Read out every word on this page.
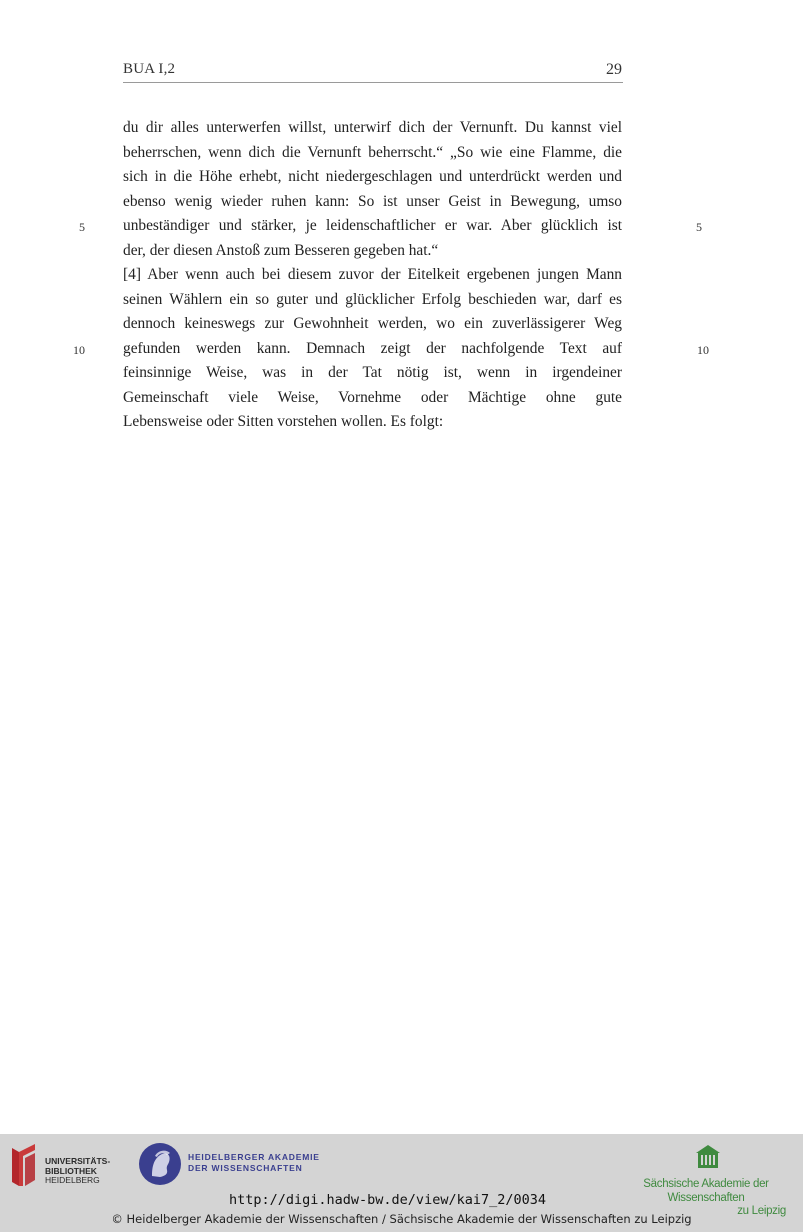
BUA I,2	29
du dir alles unterwerfen willst, unterwirf dich der Vernunft. Du kannst viel
beherrschen, wenn dich die Vernunft beherrscht.“ „So wie eine Flamme, die
sich in die Höhe erhebt, nicht niedergeschlagen und unterdrückt werden und
ebenso wenig wieder ruhen kann: So ist unser Geist in Bewegung, umso
unbeständiger und stärker, je leidenschaftlicher er war. Aber glücklich ist
der, der diesen Anstoß zum Besseren gegeben hat.“
[4] Aber wenn auch bei diesem zuvor der Eitelkeit ergebenen jungen Mann
seinen Wählern ein so guter und glücklicher Erfolg beschieden war, darf es
dennoch keineswegs zur Gewohnheit werden, wo ein zuverlässigerer Weg
gefunden werden kann. Demnach zeigt der nachfolgende Text auf
feinsinnige Weise, was in der Tat nötig ist, wenn in irgendeiner
Gemeinschaft viele Weise, Vornehme oder Mächtige ohne gute
Lebensweise oder Sitten vorstehen wollen. Es folgt:
5	5
10	10
UNIVERSITÄTS-
BIBLIOTHEK
HEIDELBERG
HEIDELBERGER AKADEMIE
DER WISSENSCHAFTEN
Sächsische Akademie der Wissenschaften
zu Leipzig
http://digi.hadw-bw.de/view/kai7_2/0034
© Heidelberger Akademie der Wissenschaften / Sächsische Akademie der Wissenschaften zu Leipzig
